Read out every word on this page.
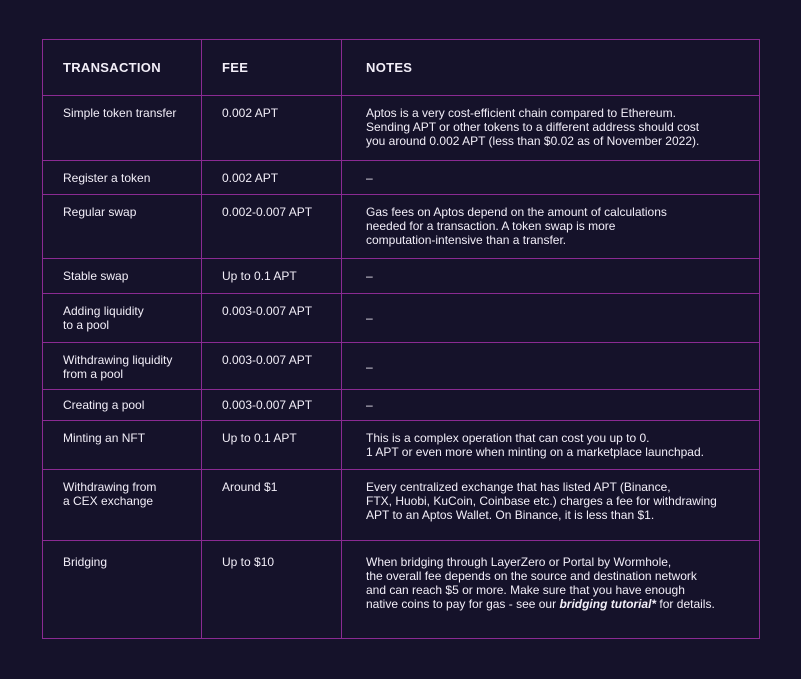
TRANSACTION	FEE	NOTES

Simple token transfer	0.002 APT	Aptos is a very cost-efficient chain compared to Ethereum.
Sending APT or other tokens to a different address should cost
you around 0.002 APT (less than $0.02 as of November 2022).

Register a token	0.002 APT	–

Regular swap	0.002-0.007 APT	Gas fees on Aptos depend on the amount of calculations
needed for a transaction. A token swap is more
computation-intensive than a transfer.

Stable swap	Up to 0.1 APT	–

Adding liquidity
to a pool	0.003-0.007 APT	–

Withdrawing liquidity
from a pool	0.003-0.007 APT	–

Creating a pool	0.003-0.007 APT	–

Minting an NFT	Up to 0.1 APT	This is a complex operation that can cost you up to 0.
1 APT or even more when minting on a marketplace launchpad.

Withdrawing from
a CEX exchange	Around $1	Every centralized exchange that has listed APT (Binance,
FTX, Huobi, KuCoin, Coinbase etc.) charges a fee for withdrawing
APT to an Aptos Wallet. On Binance, it is less than $1.

Bridging	Up to $10	When bridging through LayerZero or Portal by Wormhole,
the overall fee depends on the source and destination network
and can reach $5 or more. Make sure that you have enough
native coins to pay for gas - see our bridging tutorial* for details.
